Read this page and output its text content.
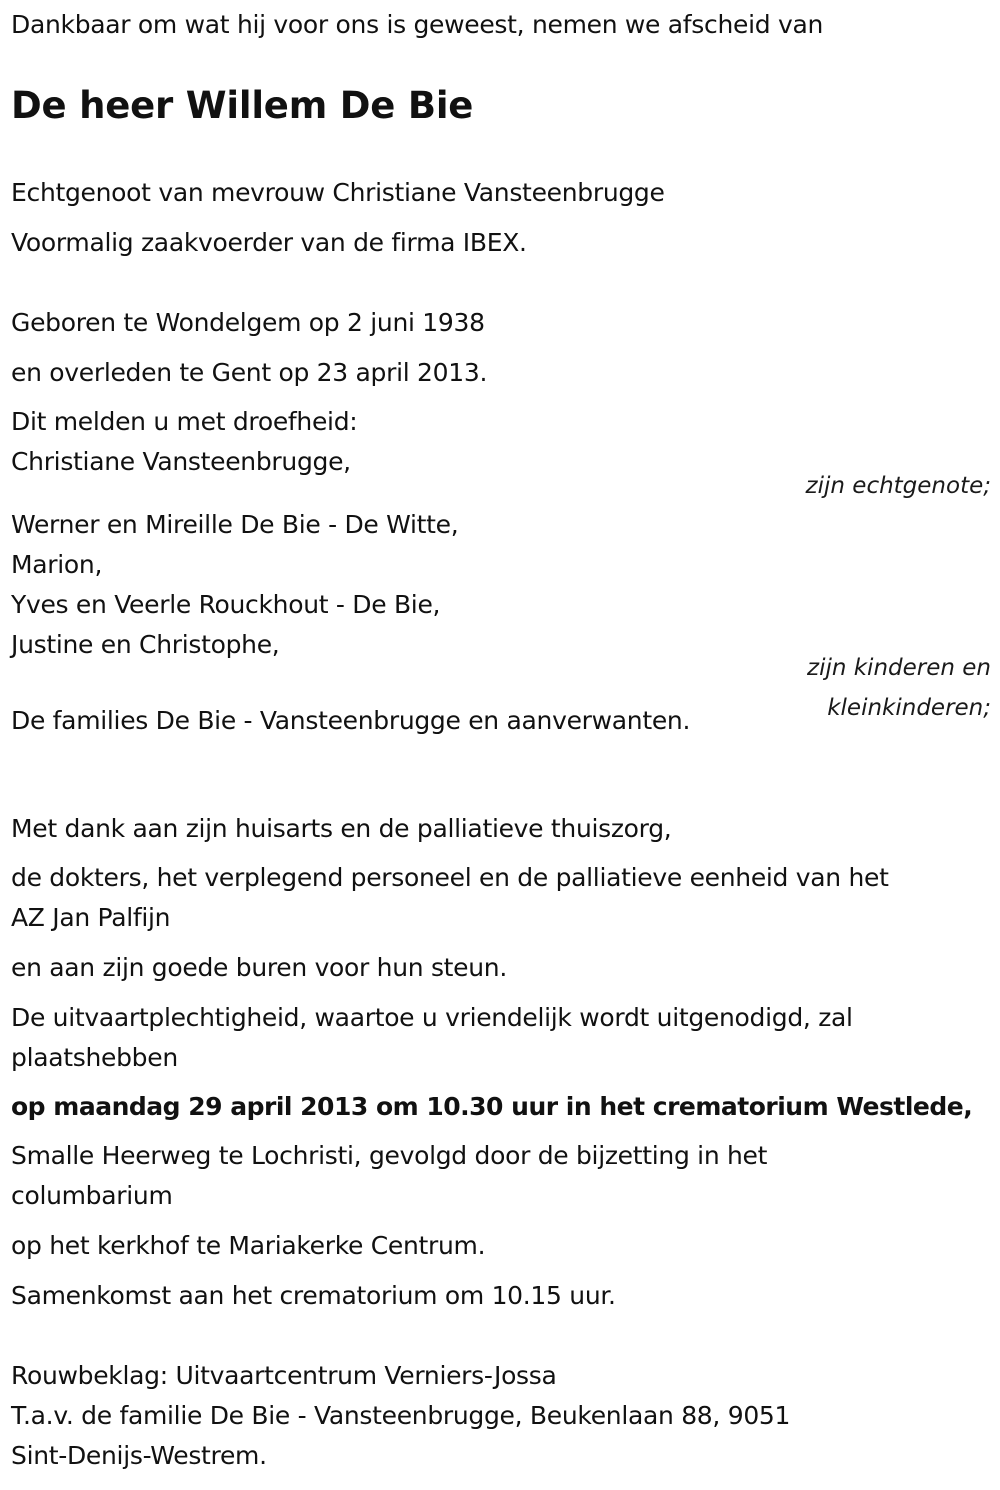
Dankbaar om wat hij voor ons is geweest, nemen we afscheid van
De heer Willem De Bie
Echtgenoot van mevrouw Christiane Vansteenbrugge
Voormalig zaakvoerder van de firma IBEX.
Geboren te Wondelgem op 2 juni 1938
en overleden te Gent op 23 april 2013.
Dit melden u met droefheid:
Christiane Vansteenbrugge,
zijn echtgenote;
Werner en Mireille De Bie - De Witte,
Marion,
Yves en Veerle Rouckhout - De Bie,
Justine en Christophe,
zijn kinderen en
kleinkinderen;
De families De Bie - Vansteenbrugge en aanverwanten.
Met dank aan zijn huisarts en de palliatieve thuiszorg,
de dokters, het verplegend personeel en de palliatieve eenheid van het
AZ Jan Palfijn
en aan zijn goede buren voor hun steun.
De uitvaartplechtigheid, waartoe u vriendelijk wordt uitgenodigd, zal
plaatshebben
op maandag 29 april 2013 om 10.30 uur in het crematorium Westlede,
Smalle Heerweg te Lochristi, gevolgd door de bijzetting in het
columbarium
op het kerkhof te Mariakerke Centrum.
Samenkomst aan het crematorium om 10.15 uur.
Rouwbeklag: Uitvaartcentrum Verniers-Jossa
T.a.v. de familie De Bie - Vansteenbrugge, Beukenlaan 88, 9051
Sint-Denijs-Westrem.
